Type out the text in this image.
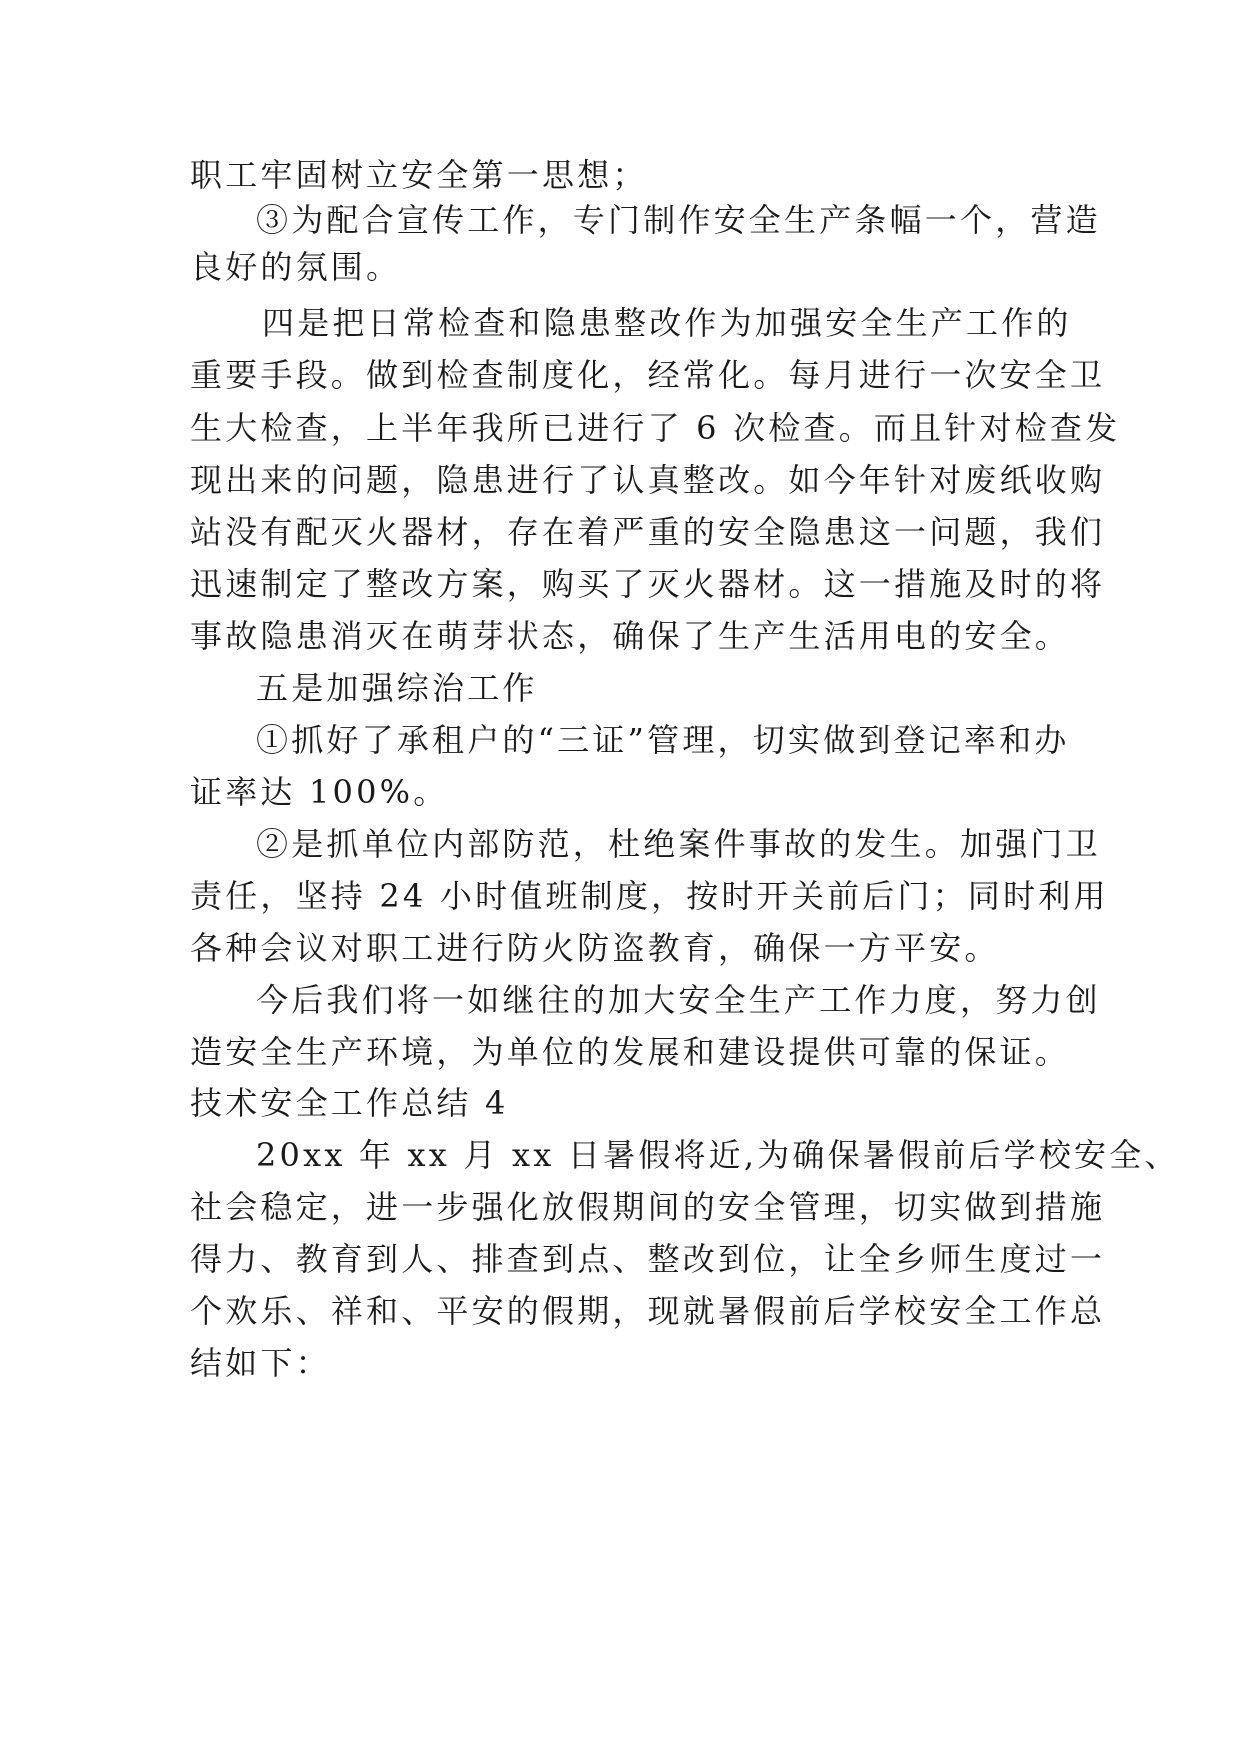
职工牢固树立安全第一思想；
③为配合宣传工作，专门制作安全生产条幅一个，营造
良好的氛围。
四是把日常检查和隐患整改作为加强安全生产工作的
重要手段。做到检查制度化，经常化。每月进行一次安全卫
生大检查，上半年我所已进行了 6 次检查。而且针对检查发
现出来的问题，隐患进行了认真整改。如今年针对废纸收购
站没有配灭火器材，存在着严重的安全隐患这一问题，我们
迅速制定了整改方案，购买了灭火器材。这一措施及时的将
事故隐患消灭在萌芽状态，确保了生产生活用电的安全。
五是加强综治工作
①抓好了承租户的“三证”管理，切实做到登记率和办
证率达 100%。
②是抓单位内部防范，杜绝案件事故的发生。加强门卫
责任，坚持 24 小时值班制度，按时开关前后门；同时利用
各种会议对职工进行防火防盗教育，确保一方平安。
今后我们将一如继往的加大安全生产工作力度，努力创
造安全生产环境，为单位的发展和建设提供可靠的保证。
技术安全工作总结 4
20xx 年 xx 月 xx 日暑假将近,为确保暑假前后学校安全、
社会稳定，进一步强化放假期间的安全管理，切实做到措施
得力、教育到人、排查到点、整改到位，让全乡师生度过一
个欢乐、祥和、平安的假期，现就暑假前后学校安全工作总
结如下：
